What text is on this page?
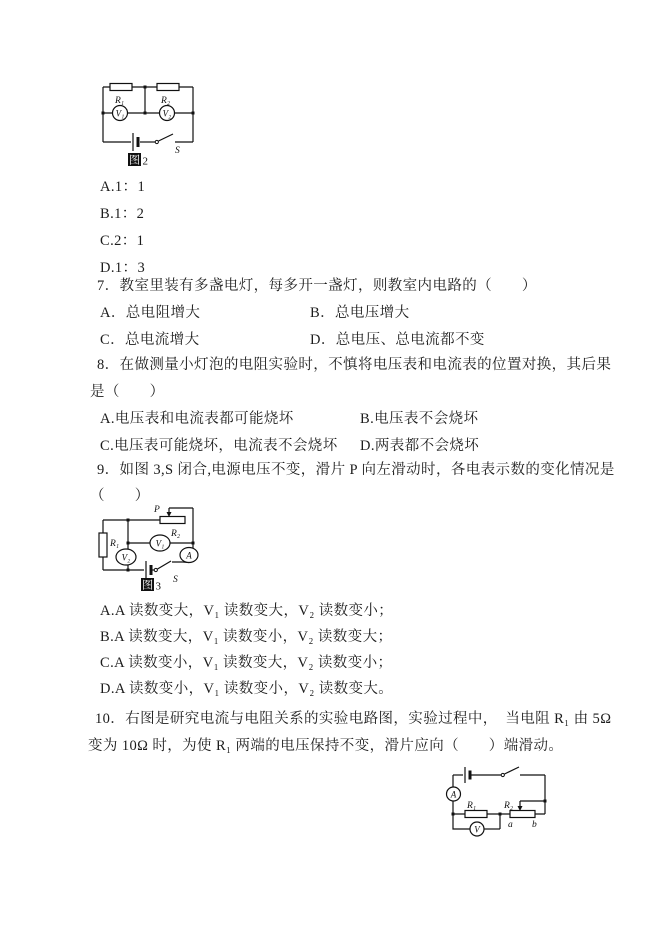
R₁	R₂
V₁	V₂
S
图 2
A.1：1
B.1：2
C.2：1
D.1：3
7．教室里装有多盏电灯，每多开一盏灯，则教室内电路的（　　）
A．总电阻增大	B．总电压增大
C．总电流增大	D．总电压、总电流都不变
8．在做测量小灯泡的电阻实验时，不慎将电压表和电流表的位置对换，其后果
是（　　）
A.电压表和电流表都可能烧坏	B.电压表不会烧坏
C.电压表可能烧坏，电流表不会烧坏 D.两表都不会烧坏
9．如图 3,S 闭合,电源电压不变，滑片 P 向左滑动时，各电表示数的变化情况是
（　　）
P
R₂
R₁	V₁
V₂	A
S
图 3
A.A 读数变大，V₁ 读数变大，V₂ 读数变小；
B.A 读数变大，V₁ 读数变小，V₂ 读数变大；
C.A 读数变小，V₁ 读数变大，V₂ 读数变小；
D.A 读数变小，V₁ 读数变小，V₂ 读数变大。
10．右图是研究电流与电阻关系的实验电路图，实验过程中，　当电阻 R₁ 由 5Ω
变为 10Ω 时，为使 R₁ 两端的电压保持不变，滑片应向（　　）端滑动。
A
R₁	R₂
a b
V
